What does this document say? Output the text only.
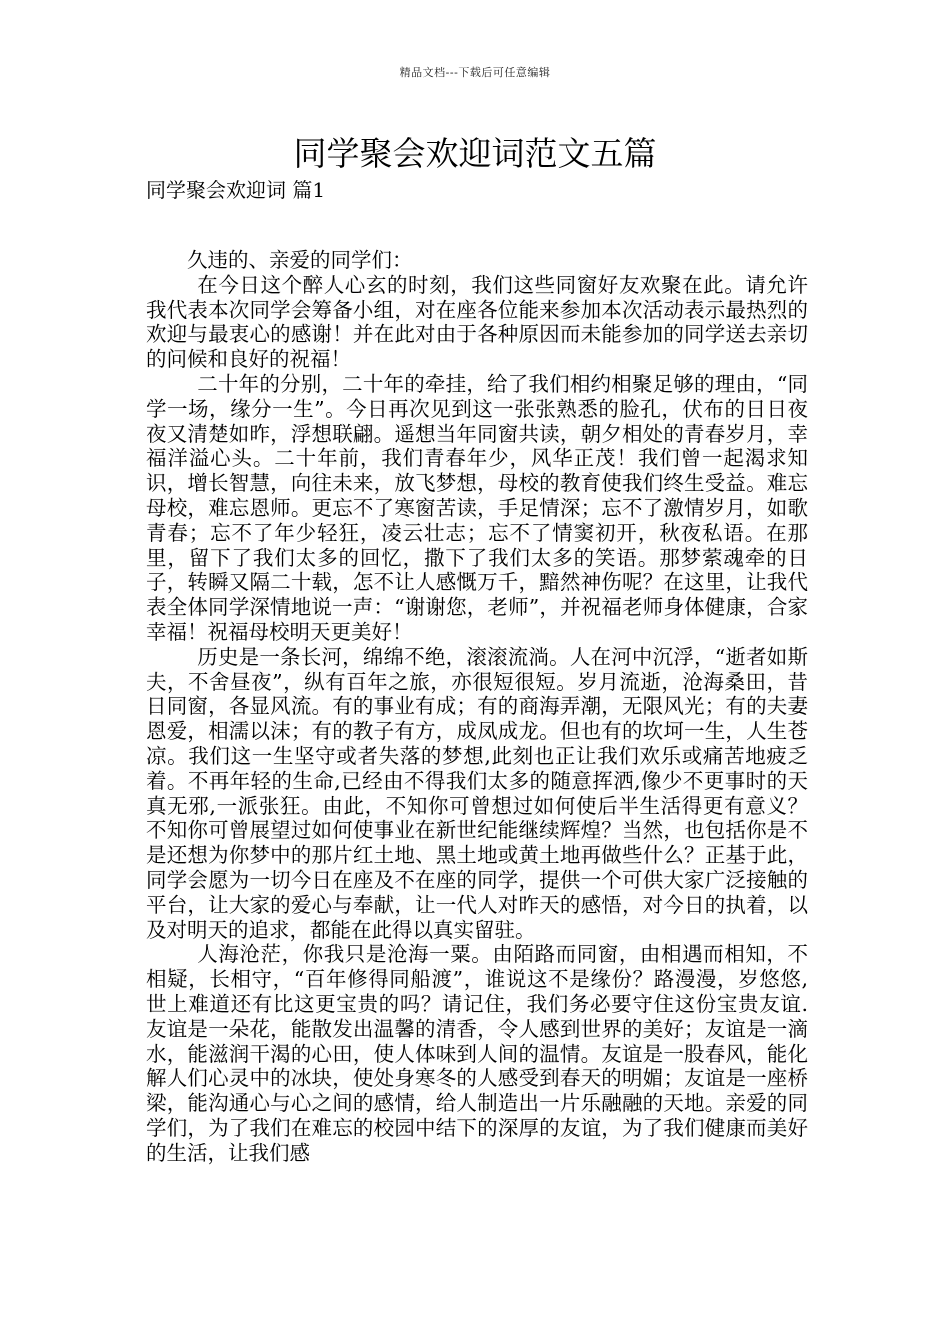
精品文档---下载后可任意编辑
同学聚会欢迎词范文五篇
同学聚会欢迎词 篇1

久违的、亲爱的同学们：

在今日这个醉人心玄的时刻，我们这些同窗好友欢聚在此。请允许我代表本次同学会筹备小组，对在座各位能来参加本次活动表示最热烈的欢迎与最衷心的感谢！并在此对由于各种原因而未能参加的同学送去亲切的问候和良好的祝福！

二十年的分别，二十年的牵挂，给了我们相约相聚足够的理由，“同学一场，缘分一生”。今日再次见到这一张张熟悉的脸孔，伏布的日日夜夜又清楚如昨，浮想联翩。遥想当年同窗共读，朝夕相处的青春岁月，幸福洋溢心头。二十年前，我们青春年少，风华正茂！我们曾一起渴求知识，增长智慧，向往未来，放飞梦想，母校的教育使我们终生受益。难忘母校，难忘恩师。更忘不了寒窗苦读，手足情深；忘不了激情岁月，如歌青春；忘不了年少轻狂，凌云壮志；忘不了情窦初开，秋夜私语。在那里，留下了我们太多的回忆，撒下了我们太多的笑语。那梦萦魂牵的日子，转瞬又隔二十载，怎不让人感慨万千，黯然神伤呢？在这里，让我代表全体同学深情地说一声：“谢谢您，老师”，并祝福老师身体健康，合家幸福！祝福母校明天更美好！

历史是一条长河，绵绵不绝，滚滚流淌。人在河中沉浮，“逝者如斯夫，不舍昼夜”，纵有百年之旅，亦很短很短。岁月流逝，沧海桑田，昔日同窗，各显风流。有的事业有成；有的商海弄潮，无限风光；有的夫妻恩爱，相濡以沫；有的教子有方，成凤成龙。但也有的坎坷一生，人生苍凉。我们这一生坚守或者失落的梦想,此刻也正让我们欢乐或痛苦地疲乏着。不再年轻的生命,已经由不得我们太多的随意挥洒,像少不更事时的天真无邪,一派张狂。由此，不知你可曾想过如何使后半生活得更有意义？不知你可曾展望过如何使事业在新世纪能继续辉煌？当然，也包括你是不是还想为你梦中的那片红土地、黑土地或黄土地再做些什么？正基于此，同学会愿为一切今日在座及不在座的同学，提供一个可供大家广泛接触的平台，让大家的爱心与奉献，让一代人对昨天的感悟，对今日的执着，以及对明天的追求，都能在此得以真实留驻。

人海沧茫，你我只是沧海一粟。由陌路而同窗，由相遇而相知，不相疑，长相守，“百年修得同船渡”，谁说这不是缘份？路漫漫，岁悠悠,世上难道还有比这更宝贵的吗？请记住，我们务必要守住这份宝贵友谊. 友谊是一朵花，能散发出温馨的清香，令人感到世界的美好；友谊是一滴水，能滋润干渴的心田，使人体味到人间的温情。友谊是一股春风，能化解人们心灵中的冰块，使处身寒冬的人感受到春天的明媚；友谊是一座桥梁，能沟通心与心之间的感情，给人制造出一片乐融融的天地。亲爱的同学们，为了我们在难忘的校园中结下的深厚的友谊，为了我们健康而美好的生活，让我们感
